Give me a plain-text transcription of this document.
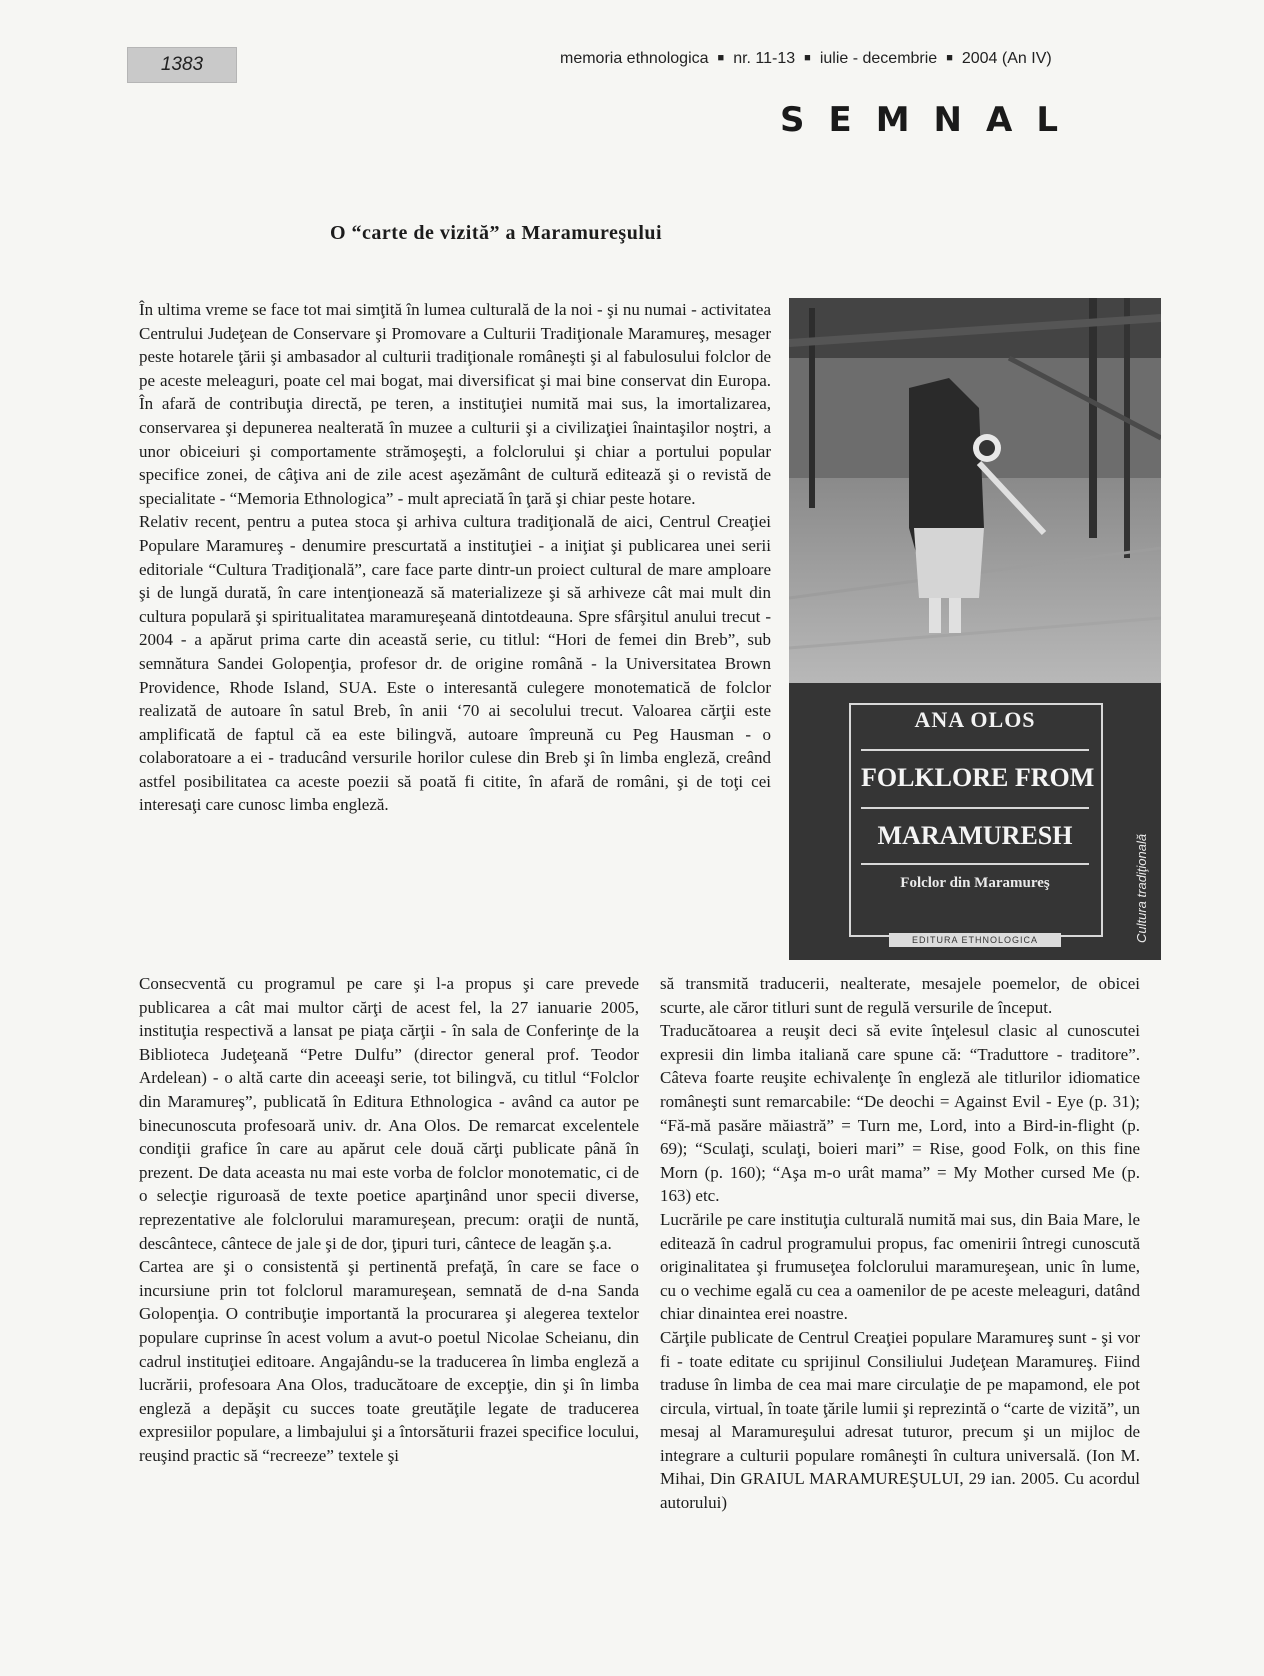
1383	memoria ethnologica ■ nr. 11-13 ■ iulie - decembrie ■ 2004 (An IV)
SEMNAL
O “carte de vizită” a Maramureşului

În ultima vreme se face tot mai simţită în lumea culturală de la noi - şi nu numai - activitatea Centrului Judeţean de Conservare şi Promovare a Culturii Tradiţionale Maramureş, mesager peste hotarele ţării şi ambasador al culturii tradiţionale româneşti şi al fabulosului folclor de pe aceste meleaguri, poate cel mai bogat, mai diversificat şi mai bine conservat din Europa. În afară de contribuţia directă, pe teren, a instituţiei numită mai sus, la imortalizarea, conservarea şi depunerea nealterată în muzee a culturii şi a civilizaţiei înaintaşilor noştri, a unor obiceiuri şi comportamente strămoşeşti, a folclorului şi chiar a portului popular specifice zonei, de câţiva ani de zile acest aşezământ de cultură editează şi o revistă de specialitate - “Memoria Ethnologica” - mult apreciată în ţară şi chiar peste hotare.

Relativ recent, pentru a putea stoca şi arhiva cultura tradiţională de aici, Centrul Creaţiei Populare Maramureş - denumire prescurtată a instituţiei - a iniţiat şi publicarea unei serii editoriale “Cultura Tradiţională”, care face parte dintr-un proiect cultural de mare amploare şi de lungă durată, în care intenţionează să materializeze şi să arhiveze cât mai mult din cultura populară şi spiritualitatea maramureşeană dintotdeauna. Spre sfârşitul anului trecut - 2004 - a apărut prima carte din această serie, cu titlul: “Hori de femei din Breb”, sub semnătura Sandei Golopenţia, profesor dr. de origine română - la Universitatea Brown Providence, Rhode Island, SUA. Este o interesantă culegere monotematică de folclor realizată de autoare în satul Breb, în anii ‘70 ai secolului trecut. Valoarea cărţii este amplificată de faptul că ea este bilingvă, autoare împreună cu Peg Hausman - o colaboratoare a ei - traducând versurile horilor culese din Breb şi în limba engleză, creând astfel posibilitatea ca aceste poezii să poată fi citite, în afară de români, şi de toţi cei interesaţi care cunosc limba engleză.

ANA OLOS
FOLKLORE FROM
MARAMURESH
Folclor din Maramureş
EDITURA ETHNOLOGICA	Cultura tradiţională

Consecventă cu programul pe care şi l-a propus şi care prevede publicarea a cât mai multor cărţi de acest fel, la 27 ianuarie 2005, instituţia respectivă a lansat pe piaţa cărţii - în sala de Conferinţe de la Biblioteca Judeţeană “Petre Dulfu” (director general prof. Teodor Ardelean) - o altă carte din aceeaşi serie, tot bilingvă, cu titlul “Folclor din Maramureş”, publicată în Editura Ethnologica - având ca autor pe binecunoscuta profesoară univ. dr. Ana Olos. De remarcat excelentele condiţii grafice în care au apărut cele două cărţi publicate până în prezent. De data aceasta nu mai este vorba de folclor monotematic, ci de o selecţie riguroasă de texte poetice aparţinând unor specii diverse, reprezentative ale folclorului maramureşean, precum: oraţii de nuntă, descântece, cântece de jale şi de dor, ţipuri turi, cântece de leagăn ş.a.

Cartea are şi o consistentă şi pertinentă prefaţă, în care se face o incursiune prin tot folclorul maramureşean, semnată de d-na Sanda Golopenţia. O contribuţie importantă la procurarea şi alegerea textelor populare cuprinse în acest volum a avut-o poetul Nicolae Scheianu, din cadrul instituţiei editoare. Angajându-se la traducerea în limba engleză a lucrării, profesoara Ana Olos, traducătoare de excepţie, din şi în limba engleză a depăşit cu succes toate greutăţile legate de traducerea expresiilor populare, a limbajului şi a întorsăturii frazei specifice locului, reuşind practic să “recreeze” textele şi

să transmită traducerii, nealterate, mesajele poemelor, de obicei scurte, ale căror titluri sunt de regulă versurile de început.

Traducătoarea a reuşit deci să evite înţelesul clasic al cunoscutei expresii din limba italiană care spune că: “Traduttore - traditore”. Câteva foarte reuşite echivalenţe în engleză ale titlurilor idiomatice româneşti sunt remarcabile: “De deochi = Against Evil - Eye (p. 31); “Fă-mă pasăre măiastră” = Turn me, Lord, into a Bird-in-flight (p. 69); “Sculaţi, sculaţi, boieri mari” = Rise, good Folk, on this fine Morn (p. 160); “Aşa m-o urât mama” = My Mother cursed Me (p. 163) etc.

Lucrările pe care instituţia culturală numită mai sus, din Baia Mare, le editează în cadrul programului propus, fac omenirii întregi cunoscută originalitatea şi frumuseţea folclorului maramureşean, unic în lume, cu o vechime egală cu cea a oamenilor de pe aceste meleaguri, datând chiar dinaintea erei noastre.

Cărţile publicate de Centrul Creaţiei populare Maramureş sunt - şi vor fi - toate editate cu sprijinul Consiliului Judeţean Maramureş. Fiind traduse în limba de cea mai mare circulaţie de pe mapamond, ele pot circula, virtual, în toate ţările lumii şi reprezintă o “carte de vizită”, un mesaj al Maramureşului adresat tuturor, precum şi un mijloc de integrare a culturii populare româneşti în cultura universală. (Ion M. Mihai, Din GRAIUL MARAMUREŞULUI, 29 ian. 2005. Cu acordul autorului)
